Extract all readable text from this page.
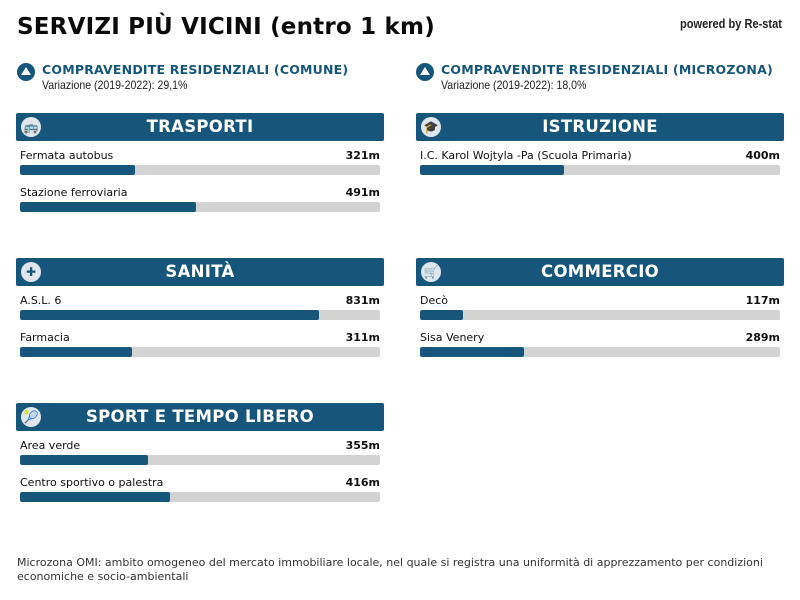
SERVIZI PIÙ VICINI (entro 1 km)	powered by Re-stat
COMPRAVENDITE RESIDENZIALI (COMUNE)
Variazione (2019-2022): 29,1%
COMPRAVENDITE RESIDENZIALI (MICROZONA)
Variazione (2019-2022): 18,0%
🚌	TRASPORTI
Fermata autobus	321m
Stazione ferroviaria	491m
🎓	ISTRUZIONE
I.C. Karol Wojtyla -Pa (Scuola Primaria)	400m
✚	SANITÀ
A.S.L. 6	831m
Farmacia	311m
🛒	COMMERCIO
Decò	117m
Sisa Venery	289m
🎾	SPORT E TEMPO LIBERO
Area verde	355m
Centro sportivo o palestra	416m
Microzona OMI: ambito omogeneo del mercato immobiliare locale, nel quale si registra una uniformità di apprezzamento per condizioni economiche e socio-ambientali
